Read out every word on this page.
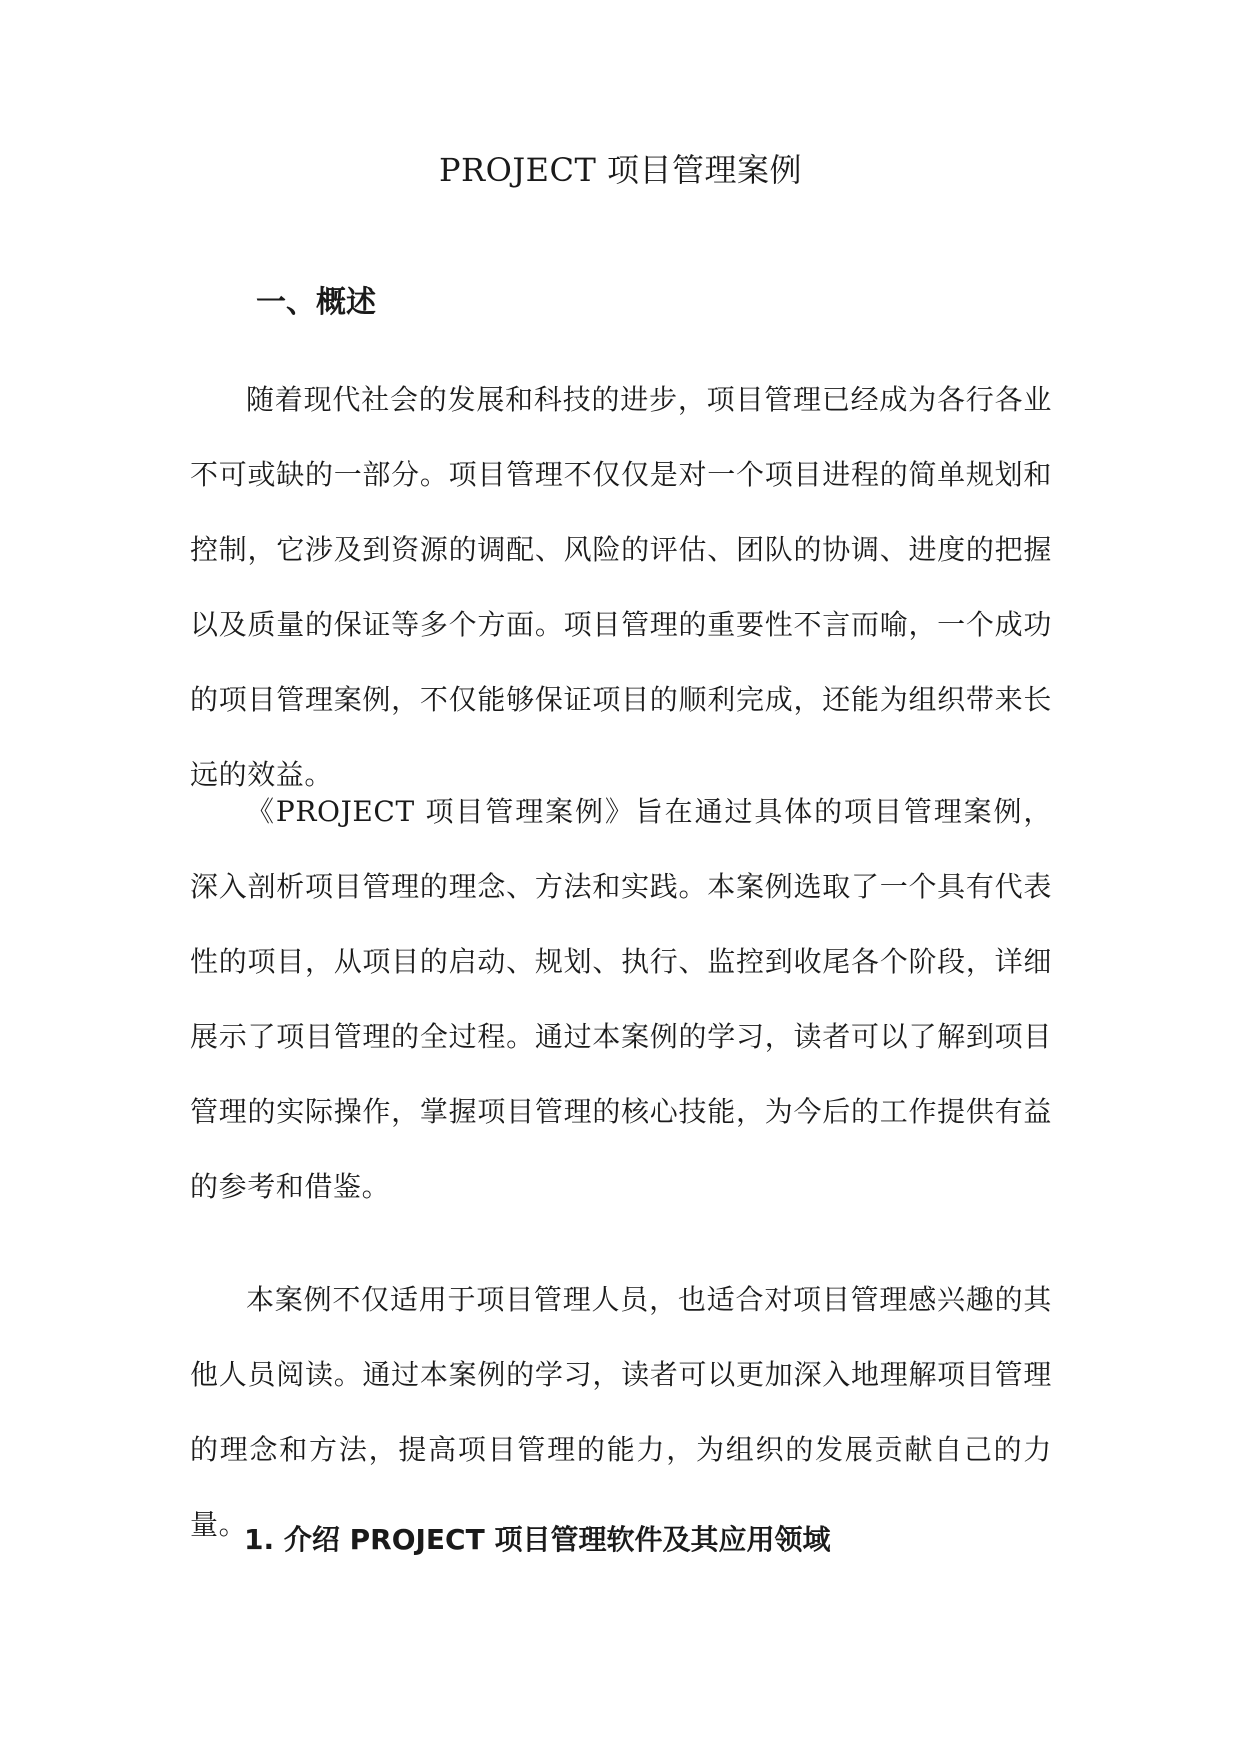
PROJECT 项目管理案例
一、概述

随着现代社会的发展和科技的进步，项目管理已经成为各行各业不可或缺的一部分。项目管理不仅仅是对一个项目进程的简单规划和控制，它涉及到资源的调配、风险的评估、团队的协调、进度的把握以及质量的保证等多个方面。项目管理的重要性不言而喻，一个成功的项目管理案例，不仅能够保证项目的顺利完成，还能为组织带来长远的效益。

《PROJECT 项目管理案例》旨在通过具体的项目管理案例，深入剖析项目管理的理念、方法和实践。本案例选取了一个具有代表性的项目，从项目的启动、规划、执行、监控到收尾各个阶段，详细展示了项目管理的全过程。通过本案例的学习，读者可以了解到项目管理的实际操作，掌握项目管理的核心技能，为今后的工作提供有益的参考和借鉴。

本案例不仅适用于项目管理人员，也适合对项目管理感兴趣的其他人员阅读。通过本案例的学习，读者可以更加深入地理解项目管理的理念和方法，提高项目管理的能力，为组织的发展贡献自己的力量。

1. 介绍 PROJECT 项目管理软件及其应用领域
